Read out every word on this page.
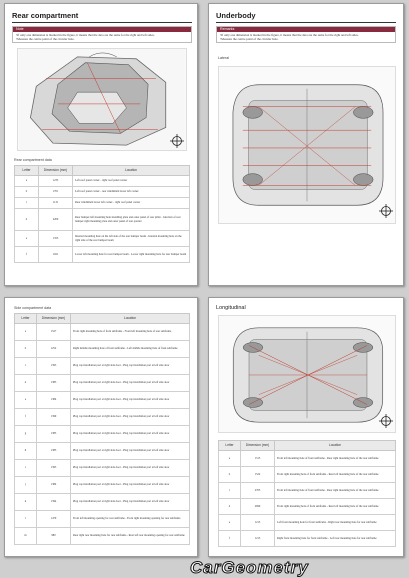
Rear compartment
Note
• If only one dimension is marked in the figure, it means that the data are the same for the right and left sides.
• Measure the centre point of the circular hole.
Rear compartment data
Letter	Dimension (mm)	Location
a	1235	Left roof panel corner - right roof panel corner
b	1701	Left roof panel corner - rear windshield lower left corner
c	1131	Rear windshield lower left corner - right roof panel corner
d	2200	Rear bumper left mounting hole installing plate and outer panel of rear pillar - Junction of rear bumper right mounting plate and outer panel of rear quarter
e	1353	Internal mounting hole on the left side of the rear bumper beam - Internal mounting hole on the right side of the rear bumper beam
f	1021	Lower left mounting hole for rear bumper beam - Lower right mounting hole for rear bumper beam
Underbody
Remarks
• If only one dimension is marked in the figure, it means that the data are the same for the right and left sides.
• Measure the centre point of the circular hole.
Lateral
Side compartment data
Letter	Dimension (mm)	Location
a	1527	Front right mounting hole of front subframe - Front left mounting hole of rear subframe
b	1252	Right middle mounting hole of front subframe - Left middle mounting hole of front subframe
c	1395	Plug cap installation port at right side door - Plug cap installation port at left side door
d	1385	Plug cap installation port at right side door - Plug cap installation port at left side door
e	1384	Plug cap installation port at right side door - Plug cap installation port at left side door
f	1399	Plug cap installation port at right side door - Plug cap installation port at left side door
g	1385	Plug cap installation port at right side door - Plug cap installation port at left side door
h	1385	Plug cap installation port at right side door - Plug cap installation port at left side door
i	1395	Plug cap installation port at right side door - Plug cap installation port at left side door
j	1384	Plug cap installation port at right side door - Plug cap installation port at left side door
k	1394	Plug cap installation port at right side door - Plug cap installation port at left side door
l	1479	Front left mounting opening for rear subframe - Front right mounting opening for rear subframe
m	980	Rear right rear mounting hole for rear subframe - Rear left rear mounting opening for rear subframe
Longitudinal
Letter	Dimension (mm)	Location
a	1515	Front left mounting hole of front subframe - Rear right mounting hole of the rear subframe
b	1522	Front right mounting hole of front subframe - Rear left mounting hole of the rear subframe
c	2705	Front left mounting hole of front subframe - Rear right mounting hole of the rear subframe
d	2699	Front right mounting hole of front subframe - Rear left mounting hole of the rear subframe
e	1215	Left front mounting hole for front subframe - Right rear mounting hole for rear subframe
f	1213	Right front mounting hole for front subframe - Left rear mounting hole for rear subframe
CarGeometry
